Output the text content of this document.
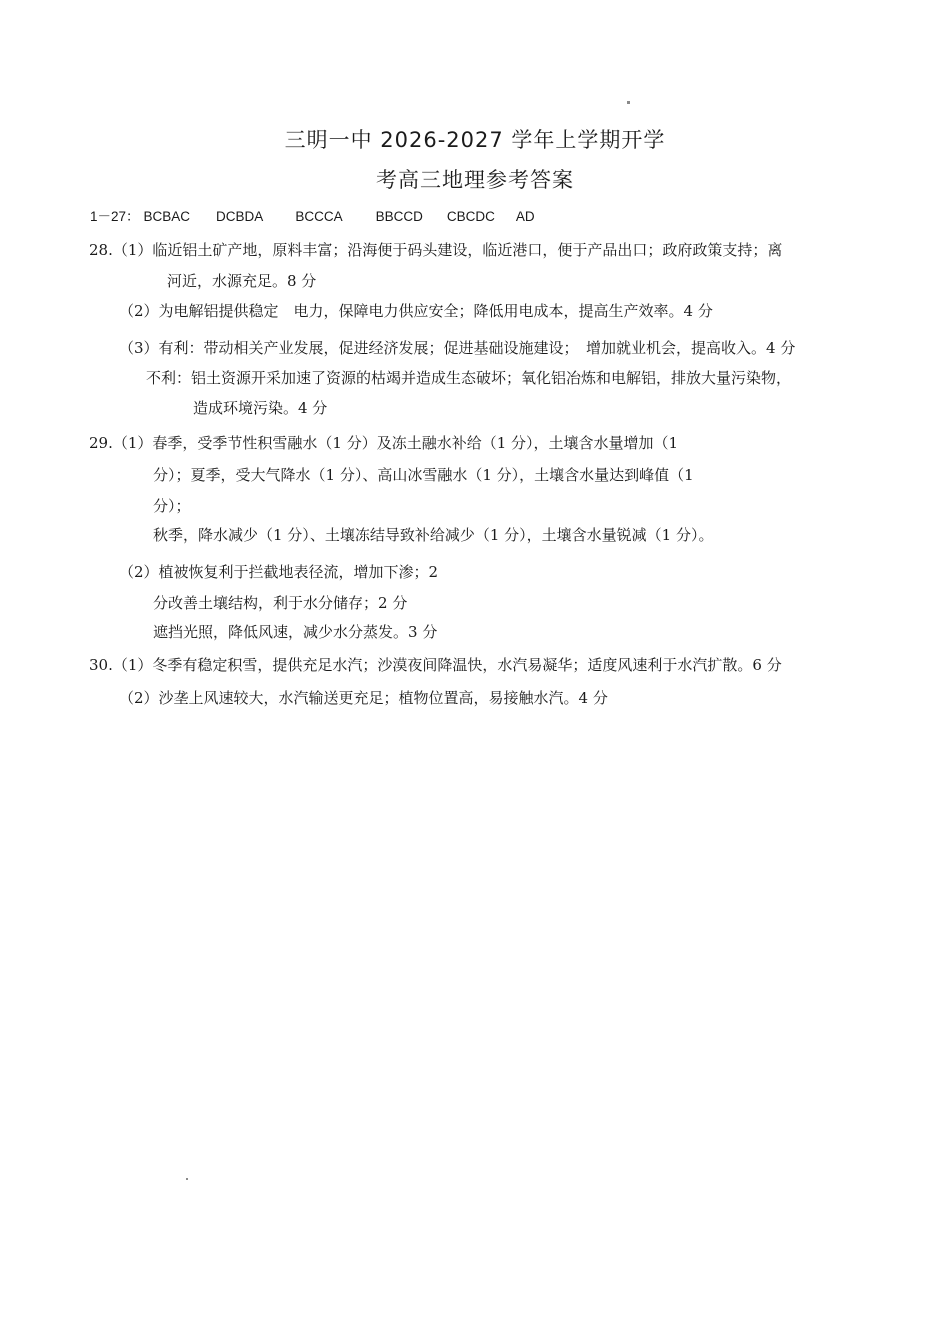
三明一中 2026-2027 学年上学期开学
考高三地理参考答案
1－27： BCBAC DCBDA BCCCA BBCCD CBCDC AD
28.（1）临近铝土矿产地，原料丰富；沿海便于码头建设，临近港口，便于产品出口；政府政策支持；离
河近，水源充足。8 分
（2）为电解铝提供稳定　电力，保障电力供应安全；降低用电成本，提高生产效率。4 分
（3）有利：带动相关产业发展，促进经济发展；促进基础设施建设；　增加就业机会，提高收入。4 分
不利：铝土资源开采加速了资源的枯竭并造成生态破坏；氧化铝冶炼和电解铝，排放大量污染物，
造成环境污染。4 分
29.（1）春季，受季节性积雪融水（1 分）及冻土融水补给（1 分），土壤含水量增加（1
分）；夏季，受大气降水（1 分）、高山冰雪融水（1 分），土壤含水量达到峰值（1
分）；
秋季，降水减少（1 分）、土壤冻结导致补给减少（1 分），土壤含水量锐减（1 分）。
（2）植被恢复利于拦截地表径流，增加下渗；2
分改善土壤结构，利于水分储存；2 分
遮挡光照，降低风速，减少水分蒸发。3 分
30.（1）冬季有稳定积雪，提供充足水汽；沙漠夜间降温快，水汽易凝华；适度风速利于水汽扩散。6 分
（2）沙垄上风速较大，水汽输送更充足；植物位置高，易接触水汽。4 分
